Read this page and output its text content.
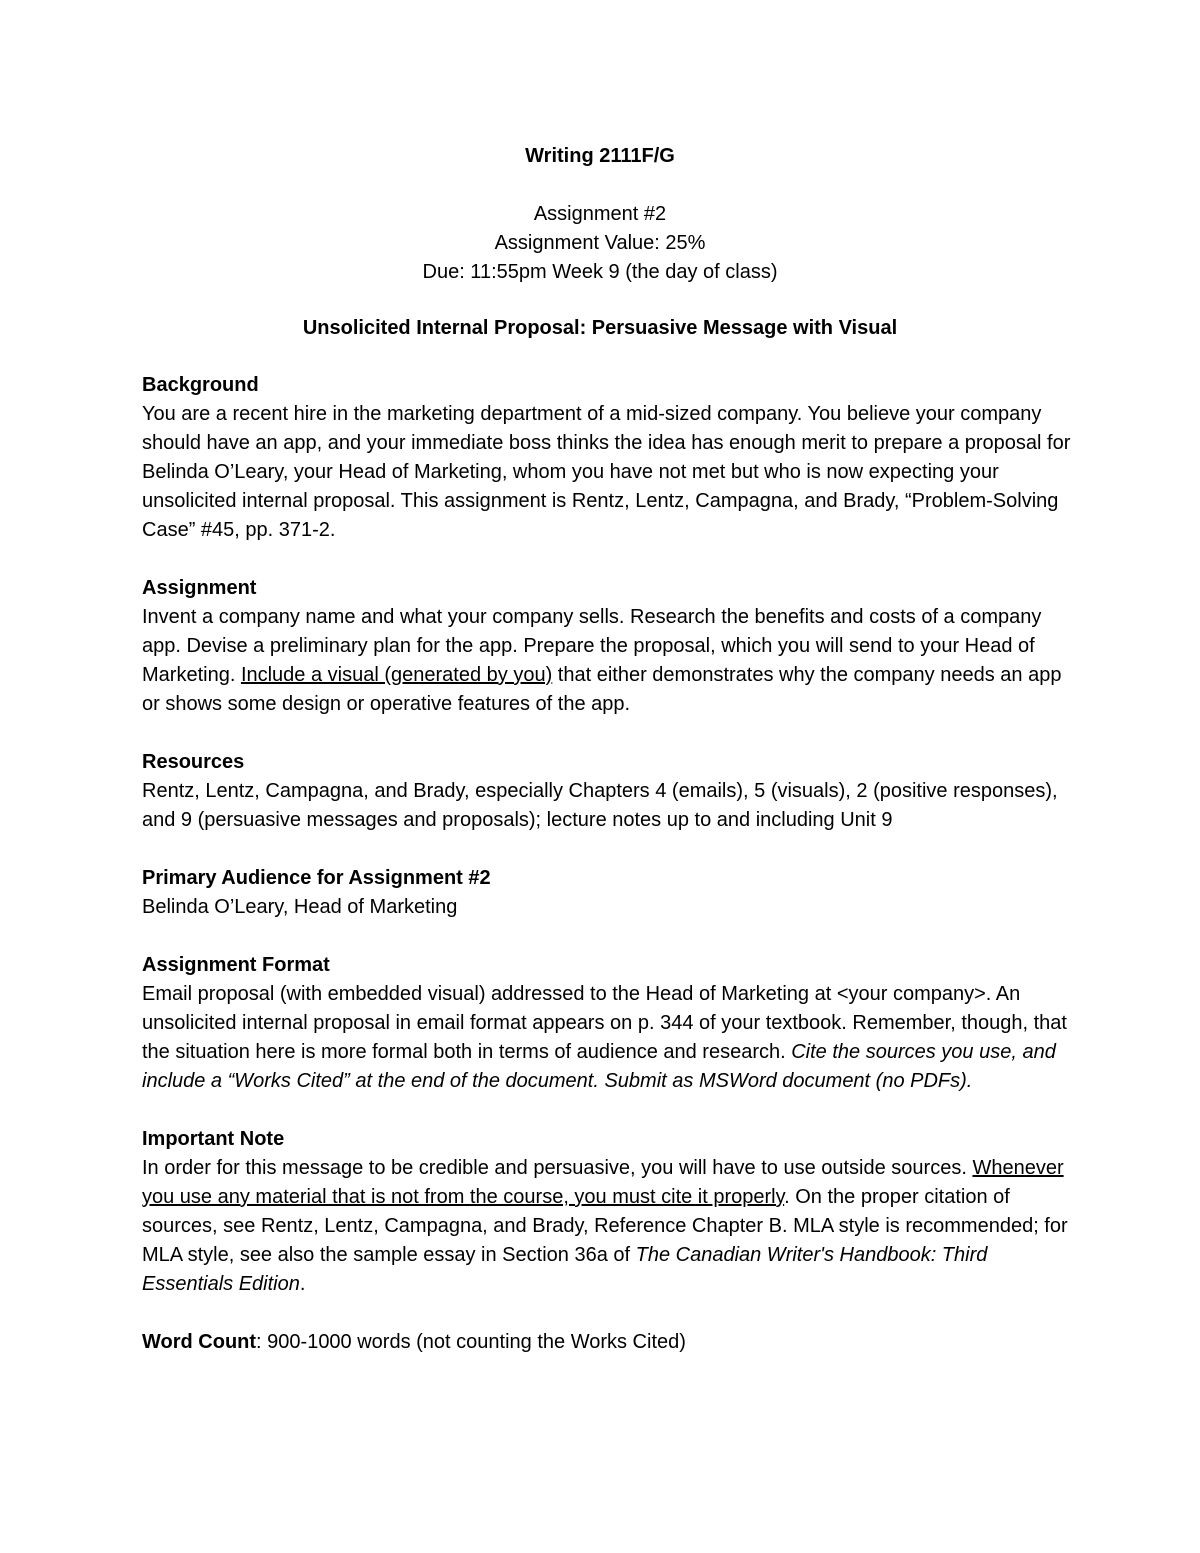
Writing 2111F/G
Assignment #2
Assignment Value: 25%
Due: 11:55pm Week 9 (the day of class)
Unsolicited Internal Proposal: Persuasive Message with Visual
Background

You are a recent hire in the marketing department of a mid-sized company. You believe your company should have an app, and your immediate boss thinks the idea has enough merit to prepare a proposal for Belinda O’Leary, your Head of Marketing, whom you have not met but who is now expecting your unsolicited internal proposal. This assignment is Rentz, Lentz, Campagna, and Brady, “Problem-Solving Case” #45, pp. 371-2.

Assignment

Invent a company name and what your company sells. Research the benefits and costs of a company app. Devise a preliminary plan for the app. Prepare the proposal, which you will send to your Head of Marketing. Include a visual (generated by you) that either demonstrates why the company needs an app or shows some design or operative features of the app.

Resources

Rentz, Lentz, Campagna, and Brady, especially Chapters 4 (emails), 5 (visuals), 2 (positive responses), and 9 (persuasive messages and proposals); lecture notes up to and including Unit 9

Primary Audience for Assignment #2

Belinda O’Leary, Head of Marketing

Assignment Format

Email proposal (with embedded visual) addressed to the Head of Marketing at <your company>. An unsolicited internal proposal in email format appears on p. 344 of your textbook. Remember, though, that the situation here is more formal both in terms of audience and research. Cite the sources you use, and include a “Works Cited” at the end of the document. Submit as MSWord document (no PDFs).

Important Note

In order for this message to be credible and persuasive, you will have to use outside sources. Whenever you use any material that is not from the course, you must cite it properly. On the proper citation of sources, see Rentz, Lentz, Campagna, and Brady, Reference Chapter B. MLA style is recommended; for MLA style, see also the sample essay in Section 36a of The Canadian Writer's Handbook: Third Essentials Edition.

Word Count: 900-1000 words (not counting the Works Cited)
